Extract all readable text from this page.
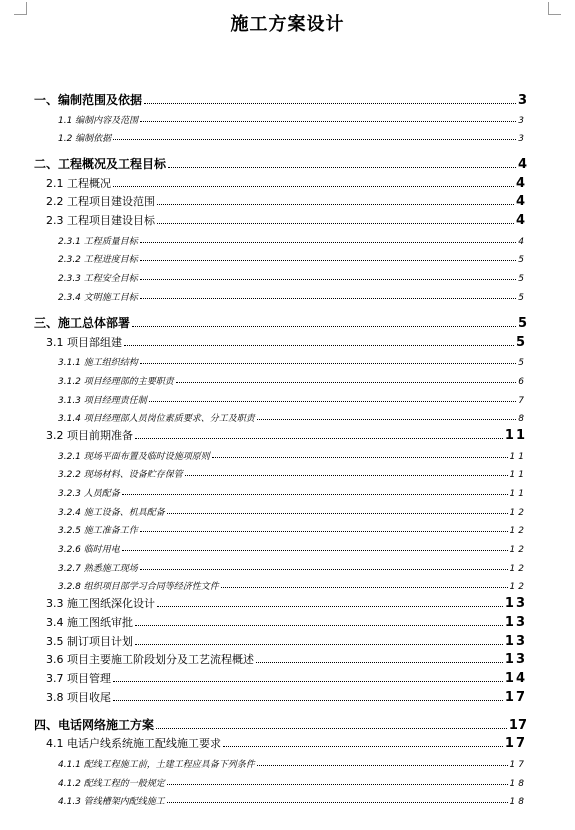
施工方案设计
一、编制范围及依据	3
1.1 编制内容及范围	3
1.2 编制依据	3
二、工程概况及工程目标	4
2.1 工程概况	4
2.2 工程项目建设范围	4
2.3 工程项目建设目标	4
2.3.1 工程质量目标	4
2.3.2 工程进度目标	5
2.3.3 工程安全目标	5
2.3.4 文明施工目标	5
三、施工总体部署	5
3.1 项目部组建	5
3.1.1 施工组织结构	5
3.1.2 项目经理部的主要职责	6
3.1.3 项目经理责任制	7
3.1.4 项目经理部人员岗位素质要求、分工及职责	8
3.2 项目前期准备	11
3.2.1 现场平面布置及临时设施项原则	11
3.2.2 现场材料、设备贮存保管	11
3.2.3 人员配备	11
3.2.4 施工设备、机具配备	12
3.2.5 施工准备工作	12
3.2.6 临时用电	12
3.2.7 熟悉施工现场	12
3.2.8 组织项目部学习合同等经济性文件	12
3.3 施工图纸深化设计	13
3.4 施工图纸审批	13
3.5 制订项目计划	13
3.6 项目主要施工阶段划分及工艺流程概述	13
3.7 项目管理	14
3.8 项目收尾	17
四、电话网络施工方案	17
4.1 电话户线系统施工配线施工要求	17
4.1.1 配线工程施工前，土建工程应具备下列条件	17
4.1.2 配线工程的一般规定	18
4.1.3 管线槽架内配线施工	18
